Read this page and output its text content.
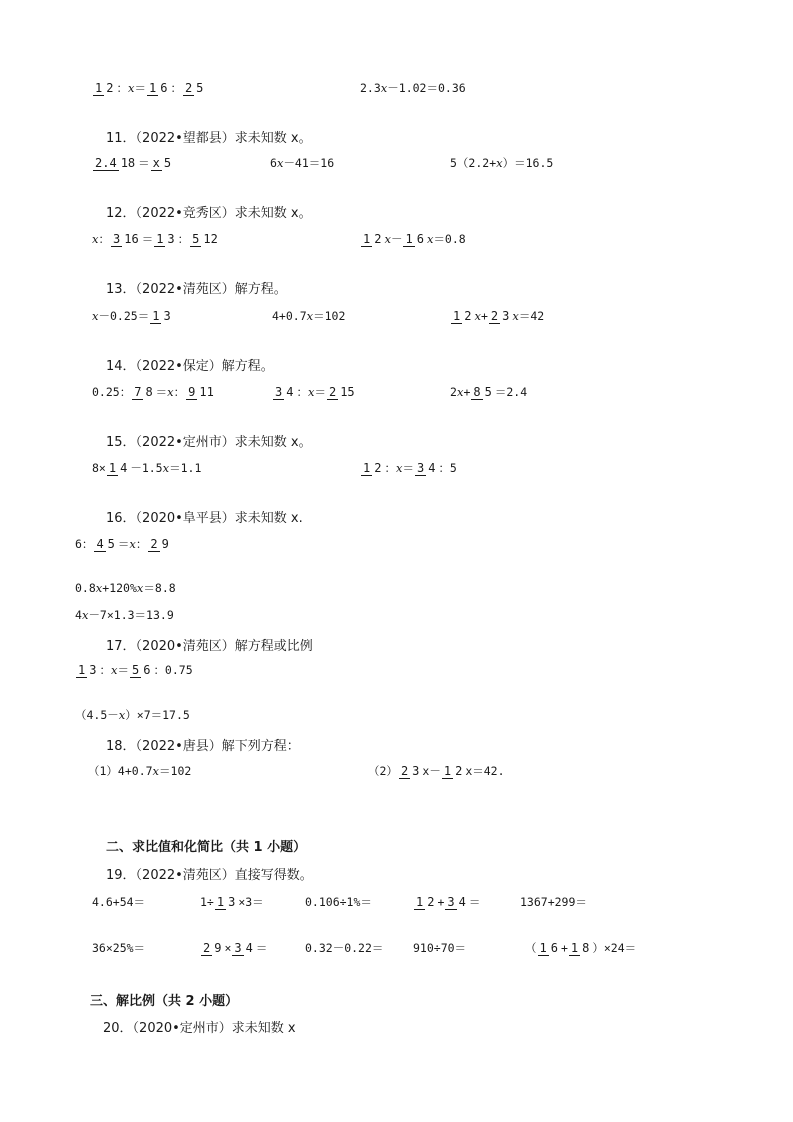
1 2 ： x ＝ 1 6 ： 2 5	2.3 x －1.02＝0.36
11．（2022•望都县）求未知数 x。
2.4 18 ＝ x 5	6 x －41＝16	5（2.2+ x ）＝16.5
12．（2022•竞秀区）求未知数 x。
x ： 3 16 ＝ 1 3 ： 5 12	1 2 x － 1 6 x ＝0.8
13．（2022•清苑区）解方程。
x －0.25＝ 1 3	4+0.7 x ＝102	1 2 x + 2 3 x ＝42
14．（2022•保定）解方程。
0.25： 7 8 ＝ x ： 9 11	3 4 ： x ＝ 2 15	2 x + 8 5 ＝2.4
15．（2022•定州市）求未知数 x。
8× 1 4 －1.5 x ＝1.1	1 2 ： x ＝ 3 4 ：5
16．（2020•阜平县）求未知数 x.
6： 4 5 ＝ x ： 2 9
0.8 x +120% x ＝8.8
4 x －7×1.3＝13.9
17．（2020•清苑区）解方程或比例
1 3 ： x ＝ 5 6 ：0.75
（4.5－ x ）×7＝17.5
18．（2022•唐县）解下列方程：
（1）4+0.7 x ＝102	（2） 2 3 x－ 1 2 x＝42.
二、求比值和化简比（共 1 小题）
19．（2022•清苑区）直接写得数。
4.6+54＝	1÷ 1 3 ×3＝	0.106÷1%＝	1 2 + 3 4 ＝	1367+299＝
36×25%＝	2 9 × 3 4 ＝	0.32－0.22＝	910÷70＝	（ 1 6 + 1 8 ）×24＝
三、解比例（共 2 小题）
20．（2020•定州市）求未知数 x
